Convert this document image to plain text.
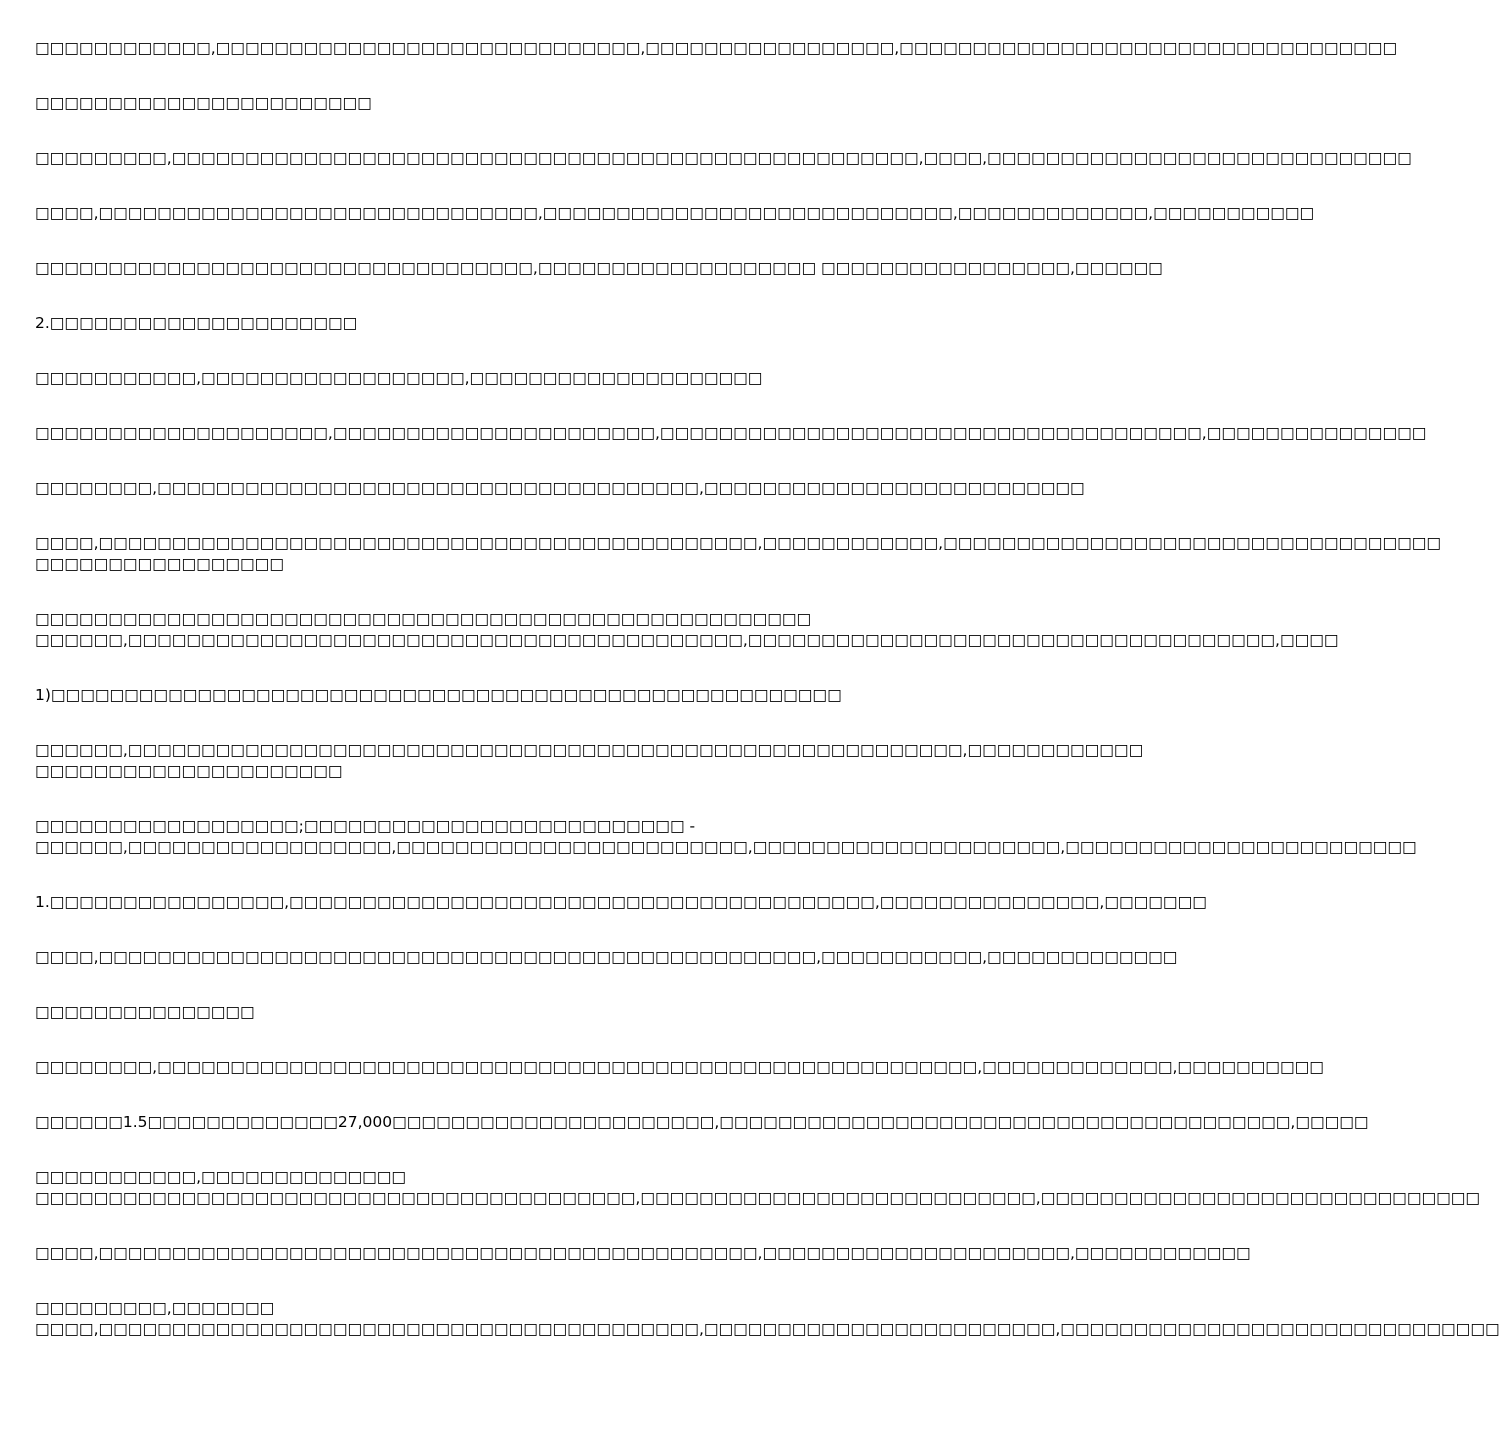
□□□□□□□□□□□□,□□□□□□□□□□□□□□□□□□□□□□□□□□□□□,□□□□□□□□□□□□□□□□□,□□□□□□□□□□□□□□□□□□□□□□□□□□□□□□□□□□

□□□□□□□□□□□□□□□□□□□□□□□

□□□□□□□□□,□□□□□□□□□□□□□□□□□□□□□□□□□□□□□□□□□□□□□□□□□□□□□□□□□□□,□□□□,□□□□□□□□□□□□□□□□□□□□□□□□□□□□□

□□□□,□□□□□□□□□□□□□□□□□□□□□□□□□□□□□□,□□□□□□□□□□□□□□□□□□□□□□□□□□□□,□□□□□□□□□□□□□,□□□□□□□□□□□

□□□□□□□□□□□□□□□□□□□□□□□□□□□□□□□□□□,□□□□□□□□□□□□□□□□□□□ □□□□□□□□□□□□□□□□□,□□□□□□

2.□□□□□□□□□□□□□□□□□□□□□

□□□□□□□□□□□,□□□□□□□□□□□□□□□□□□,□□□□□□□□□□□□□□□□□□□□

□□□□□□□□□□□□□□□□□□□□,□□□□□□□□□□□□□□□□□□□□□□,□□□□□□□□□□□□□□□□□□□□□□□□□□□□□□□□□□□□□,□□□□□□□□□□□□□□□

□□□□□□□□,□□□□□□□□□□□□□□□□□□□□□□□□□□□□□□□□□□□□□,□□□□□□□□□□□□□□□□□□□□□□□□□□

□□□□,□□□□□□□□□□□□□□□□□□□□□□□□□□□□□□□□□□□□□□□□□□□□□,□□□□□□□□□□□□,□□□□□□□□□□□□□□□□□□□□□□□□□□□□□□□□□□
□□□□□□□□□□□□□□□□□

□□□□□□□□□□□□□□□□□□□□□□□□□□□□□□□□□□□□□□□□□□□□□□□□□□□□□
□□□□□□,□□□□□□□□□□□□□□□□□□□□□□□□□□□□□□□□□□□□□□□□□□,□□□□□□□□□□□□□□□□□□□□□□□□□□□□□□□□□□□□,□□□□

1)□□□□□□□□□□□□□□□□□□□□□□□□□□□□□□□□□□□□□□□□□□□□□□□□□□□□□□

□□□□□□,□□□□□□□□□□□□□□□□□□□□□□□□□□□□□□□□□□□□□□□□□□□□□□□□□□□□□□□□□,□□□□□□□□□□□□
□□□□□□□□□□□□□□□□□□□□□

□□□□□□□□□□□□□□□□□□;□□□□□□□□□□□□□□□□□□□□□□□□□□ -
□□□□□□,□□□□□□□□□□□□□□□□□□,□□□□□□□□□□□□□□□□□□□□□□□□,□□□□□□□□□□□□□□□□□□□□□,□□□□□□□□□□□□□□□□□□□□□□□□

1.□□□□□□□□□□□□□□□□,□□□□□□□□□□□□□□□□□□□□□□□□□□□□□□□□□□□□□□□□,□□□□□□□□□□□□□□□,□□□□□□□

□□□□,□□□□□□□□□□□□□□□□□□□□□□□□□□□□□□□□□□□□□□□□□□□□□□□□□,□□□□□□□□□□□,□□□□□□□□□□□□□

□□□□□□□□□□□□□□□

□□□□□□□□,□□□□□□□□□□□□□□□□□□□□□□□□□□□□□□□□□□□□□□□□□□□□□□□□□□□□□□□□,□□□□□□□□□□□□□,□□□□□□□□□□

□□□□□□1.5□□□□□□□□□□□□□27,000□□□□□□□□□□□□□□□□□□□□□□,□□□□□□□□□□□□□□□□□□□□□□□□□□□□□□□□□□□□□□□,□□□□□

□□□□□□□□□□□,□□□□□□□□□□□□□□
□□□□□□□□□□□□□□□□□□□□□□□□□□□□□□□□□□□□□□□□□,□□□□□□□□□□□□□□□□□□□□□□□□□□□,□□□□□□□□□□□□□□□□□□□□□□□□□□□□□□

□□□□,□□□□□□□□□□□□□□□□□□□□□□□□□□□□□□□□□□□□□□□□□□□□□,□□□□□□□□□□□□□□□□□□□□□,□□□□□□□□□□□□

□□□□□□□□□,□□□□□□□
□□□□,□□□□□□□□□□□□□□□□□□□□□□□□□□□□□□□□□□□□□□□□□,□□□□□□□□□□□□□□□□□□□□□□□□,□□□□□□□□□□□□□□□□□□□□□□□□□□□□□□
